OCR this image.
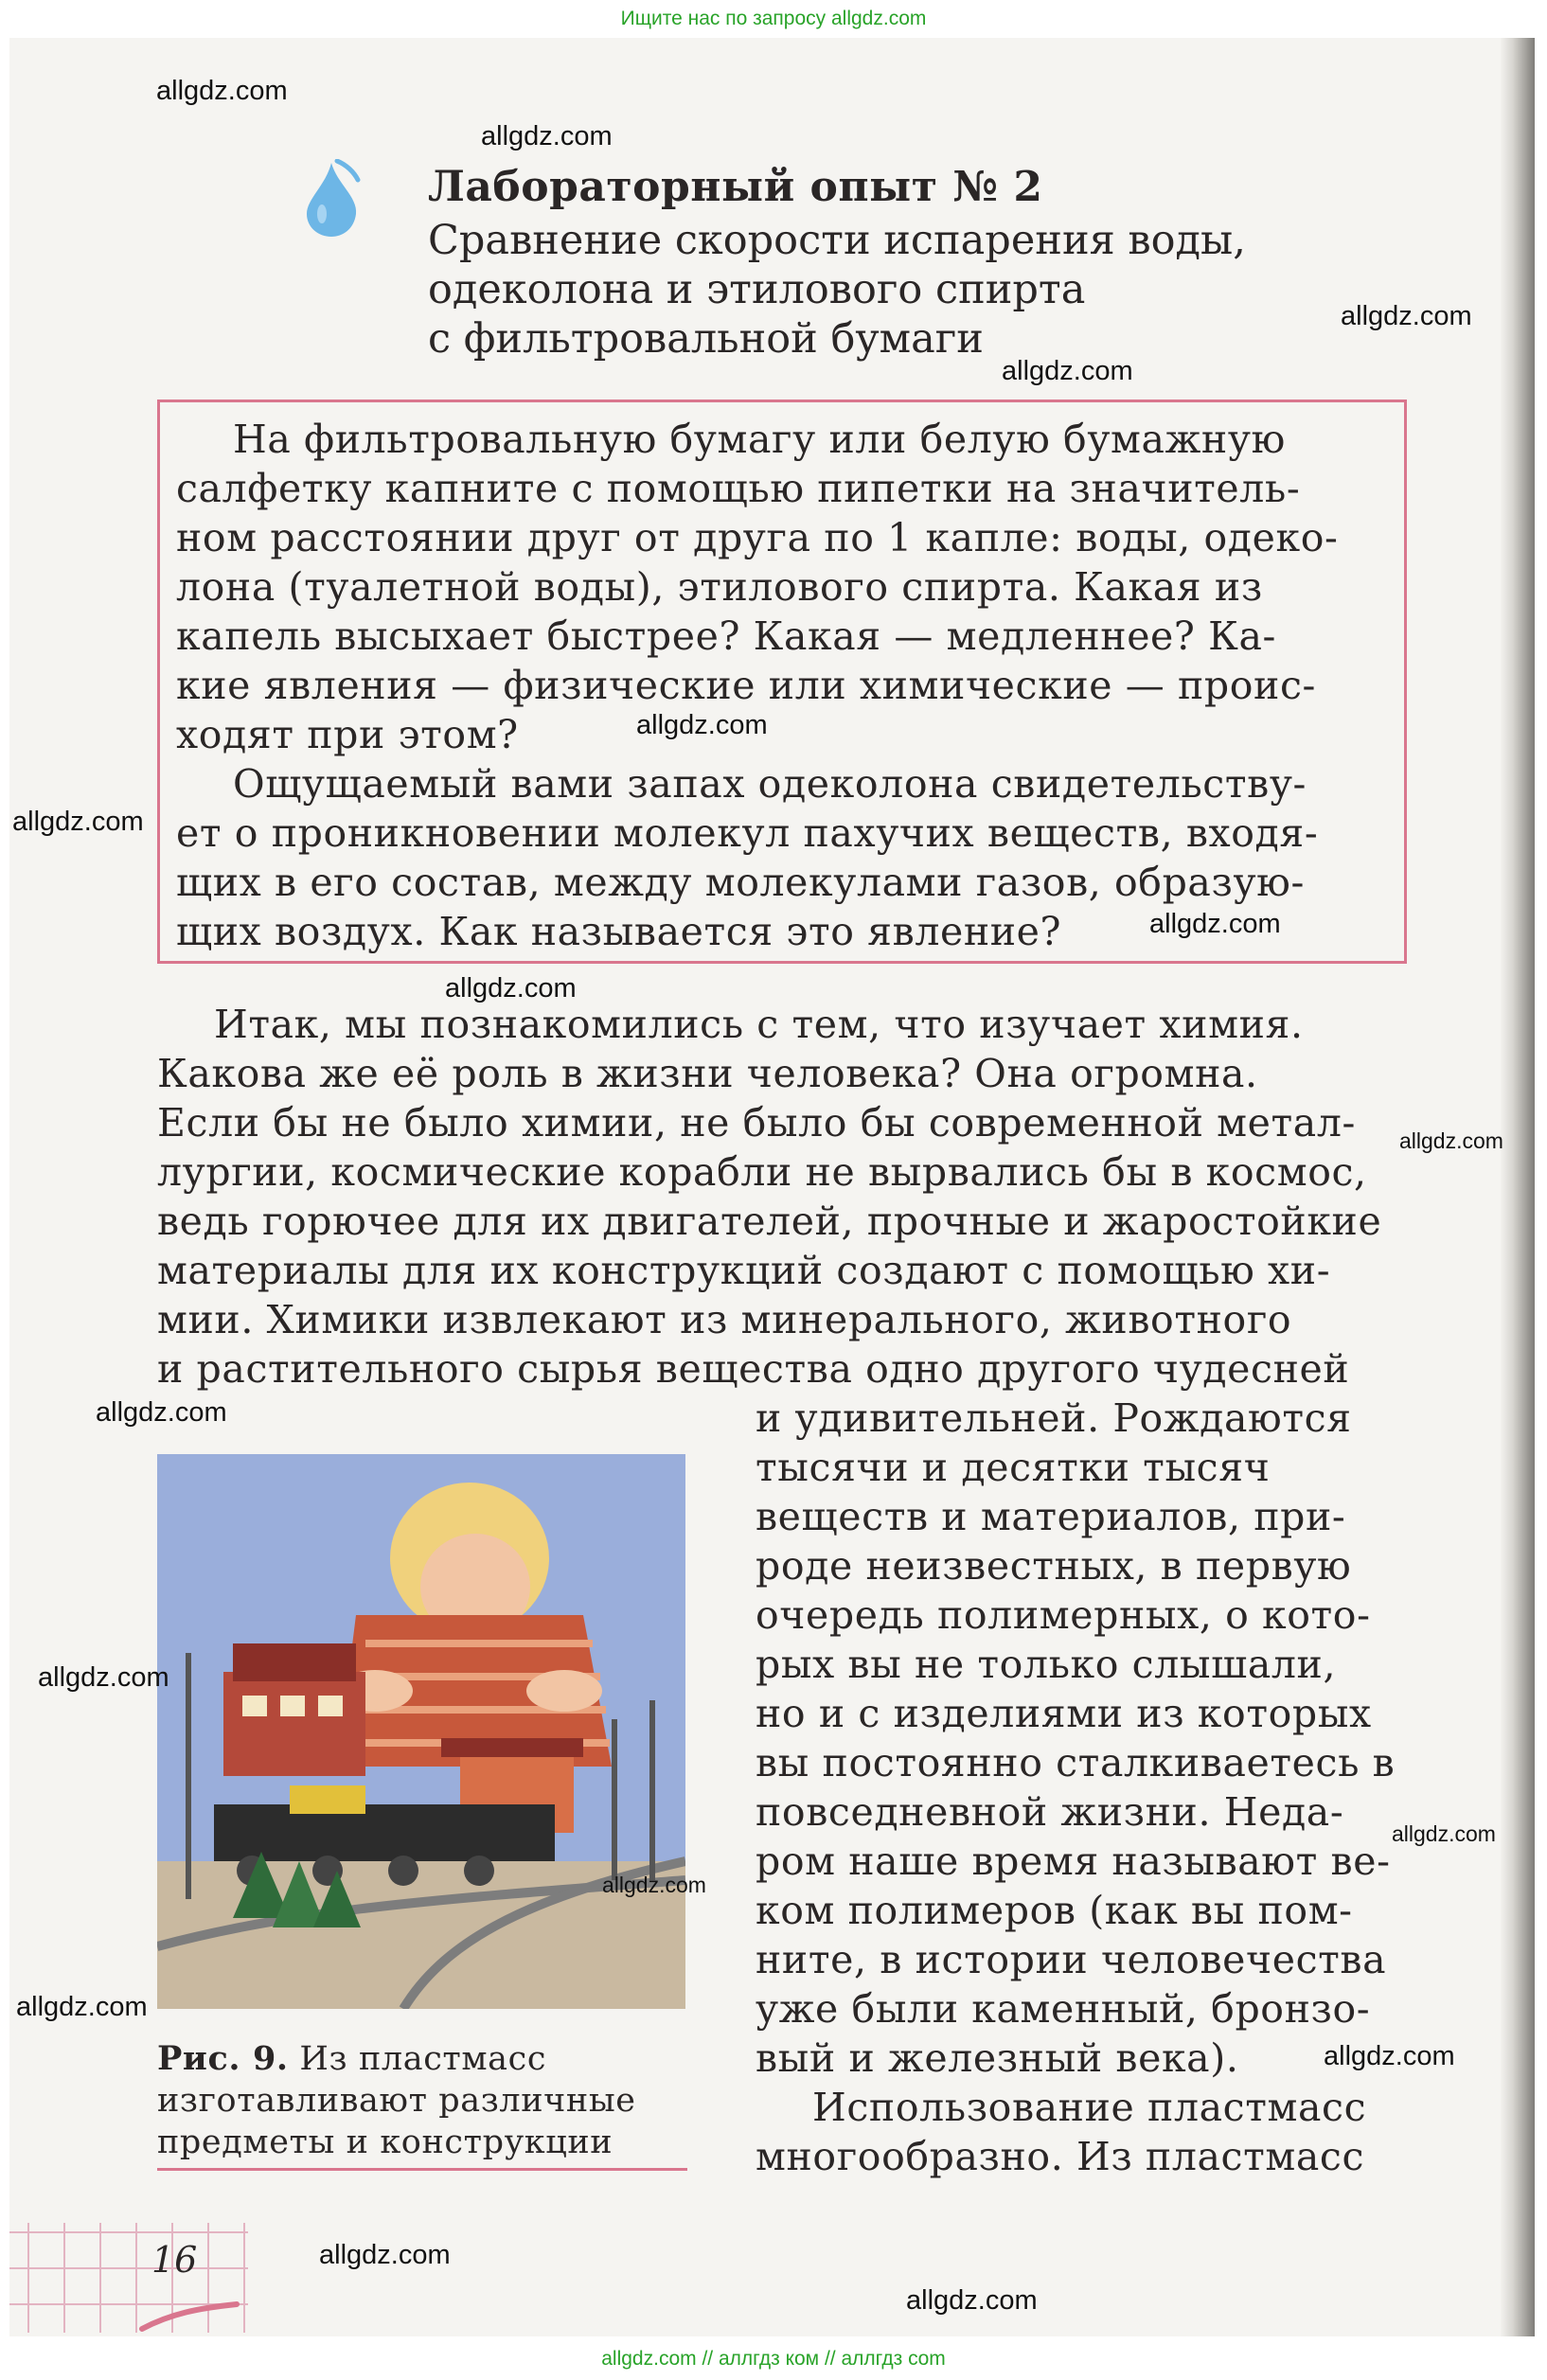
Ищите нас по запросу allgdz.com
Лабораторный опыт № 2
Сравнение скорости испарения воды,
одеколона и этилового спирта
с фильтровальной бумаги
На фильтровальную бумагу или белую бумажную
салфетку капните с помощью пипетки на значитель-
ном расстоянии друг от друга по 1 капле: воды, одеко-
лона (туалетной воды), этилового спирта. Какая из
капель высыхает быстрее? Какая — медленнее? Ка-
кие явления — физические или химические — проис-
ходят при этом?
Ощущаемый вами запах одеколона свидетельству-
ет о проникновении молекул пахучих веществ, входя-
щих в его состав, между молекулами газов, образую-
щих воздух. Как называется это явление?
Итак, мы познакомились с тем, что изучает химия.
Какова же её роль в жизни человека? Она огромна.
Если бы не было химии, не было бы современной метал-
лургии, космические корабли не вырвались бы в космос,
ведь горючее для их двигателей, прочные и жаростойкие
материалы для их конструкций создают с помощью хи-
мии. Химики извлекают из минерального, животного
и растительного сырья вещества одно другого чудесней
и удивительней. Рождаются
тысячи и десятки тысяч
веществ и материалов, при-
роде неизвестных, в первую
очередь полимерных, о кото-
рых вы не только слышали,
но и с изделиями из которых
вы постоянно сталкиваетесь в
повседневной жизни. Неда-
ром наше время называют ве-
ком полимеров (как вы пом-
ните, в истории человечества
уже были каменный, бронзо-
вый и железный века).
Использование пластмасс
многообразно. Из пластмасс
Рис. 9. Из пластмасс
изготавливают различные
предметы и конструкции
16
allgdz.com
allgdz.com
allgdz.com
allgdz.com
allgdz.com
allgdz.com
allgdz.com
allgdz.com
allgdz.com
allgdz.com
allgdz.com
allgdz.com
allgdz.com
allgdz.com
allgdz.com
allgdz.com
allgdz.com
allgdz.com // аллгдз ком // аллгдз com
